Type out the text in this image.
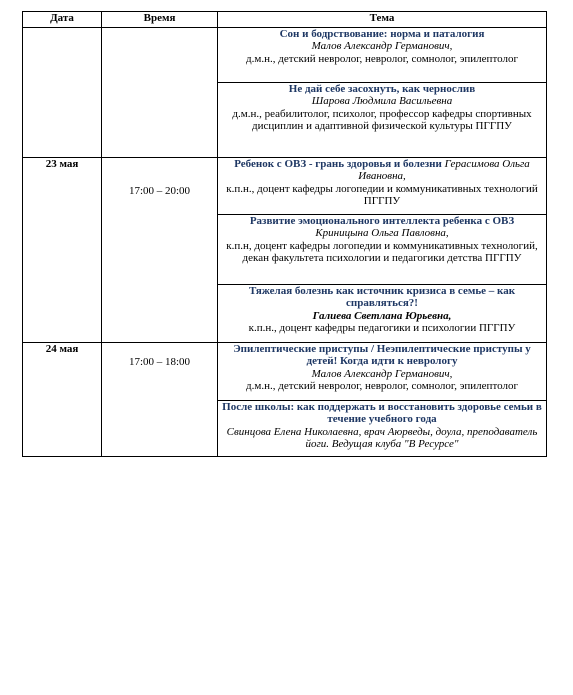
Дата	Время	Тема

		Сон и бодрствование: норма и паталогия
Малов Александр Германович,
д.м.н., детский невролог, невролог, сомнолог, эпилептолог

		Не дай себе засохнуть, как чернослив
Шарова Людмила Васильевна
д.м.н., реабилитолог, психолог, профессор кафедры спортивных дисциплин и адаптивной физической культуры ПГГПУ

23 мая	17:00 – 20:00	Ребенок с ОВЗ - грань здоровья и болезни Герасимова Ольга Ивановна,
к.п.н., доцент кафедры логопедии и коммуникативных технологий ПГГПУ

		Развитие эмоционального интеллекта ребенка с ОВЗ
Криницына Ольга Павловна,
к.п.н, доцент кафедры логопедии и коммуникативных технологий, декан факультета психологии и педагогики детства ПГГПУ

		Тяжелая болезнь как источник кризиса в семье – как справляться?!
Галиева Светлана Юрьевна,
к.п.н., доцент кафедры педагогики и психологии ПГГПУ

24 мая	17:00 – 18:00	Эпилептические приступы / Неэпилептические приступы у детей! Когда идти к неврологу
Малов Александр Германович,
д.м.н., детский невролог, невролог, сомнолог, эпилептолог

		После школы: как поддержать и восстановить здоровье семьи в течение учебного года
Свинцова Елена Николаевна, врач Аюрведы, доула, преподаватель йоги. Ведущая клуба "В Ресурсе"
